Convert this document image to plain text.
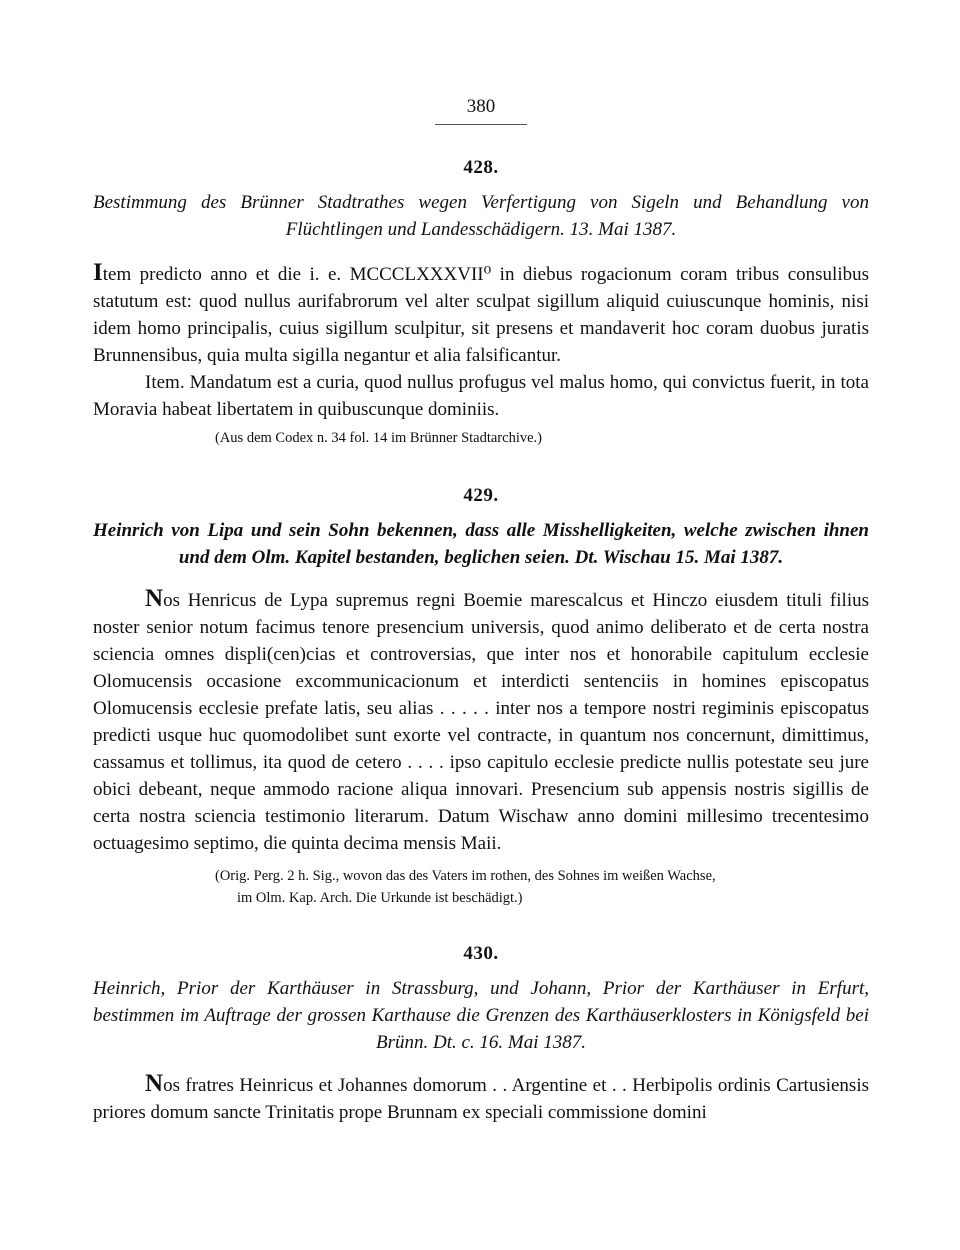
380
428.

Bestimmung des Brünner Stadtrathes wegen Verfertigung von Sigeln und Behandlung von Flüchtlingen und Landesschädigern. 13. Mai 1387.

Item predicto anno et die i. e. MCCCLXXXVII⁰ in diebus rogacionum coram tribus consulibus statutum est: quod nullus aurifabrorum vel alter sculpat sigillum aliquid cuiuscunque hominis, nisi idem homo principalis, cuius sigillum sculpitur, sit presens et mandaverit hoc coram duobus juratis Brunnensibus, quia multa sigilla negantur et alia falsificantur.

Item. Mandatum est a curia, quod nullus profugus vel malus homo, qui convictus fuerit, in tota Moravia habeat libertatem in quibuscunque dominiis.

(Aus dem Codex n. 34 fol. 14 im Brünner Stadtarchive.)

429.

Heinrich von Lipa und sein Sohn bekennen, dass alle Misshelligkeiten, welche zwischen ihnen und dem Olm. Kapitel bestanden, beglichen seien. Dt. Wischau 15. Mai 1387.

Nos Henricus de Lypa supremus regni Boemie marescalcus et Hinczo eiusdem tituli filius noster senior notum facimus tenore presencium universis, quod animo deliberato et de certa nostra sciencia omnes displi(cen)cias et controversias, que inter nos et honorabile capitulum ecclesie Olomucensis occasione excommunicacionum et interdicti sentenciis in homines episcopatus Olomucensis ecclesie prefate latis, seu alias . . . . . inter nos a tempore nostri regiminis episcopatus predicti usque huc quomodolibet sunt exorte vel contracte, in quantum nos concernunt, dimittimus, cassamus et tollimus, ita quod de cetero . . . . ipso capitulo ecclesie predicte nullis potestate seu jure obici debeant, neque ammodo racione aliqua innovari. Presencium sub appensis nostris sigillis de certa nostra sciencia testimonio literarum. Datum Wischaw anno domini millesimo trecentesimo octuagesimo septimo, die quinta decima mensis Maii.

(Orig. Perg. 2 h. Sig., wovon das des Vaters im rothen, des Sohnes im weißen Wachse,
im Olm. Kap. Arch. Die Urkunde ist beschädigt.)
430.

Heinrich, Prior der Karthäuser in Strassburg, und Johann, Prior der Karthäuser in Erfurt, bestimmen im Auftrage der grossen Karthause die Grenzen des Karthäuserklosters in Königsfeld bei Brünn. Dt. c. 16. Mai 1387.

Nos fratres Heinricus et Johannes domorum . . Argentine et . . Herbipolis ordinis Cartusiensis priores domum sancte Trinitatis prope Brunnam ex speciali commissione domini
